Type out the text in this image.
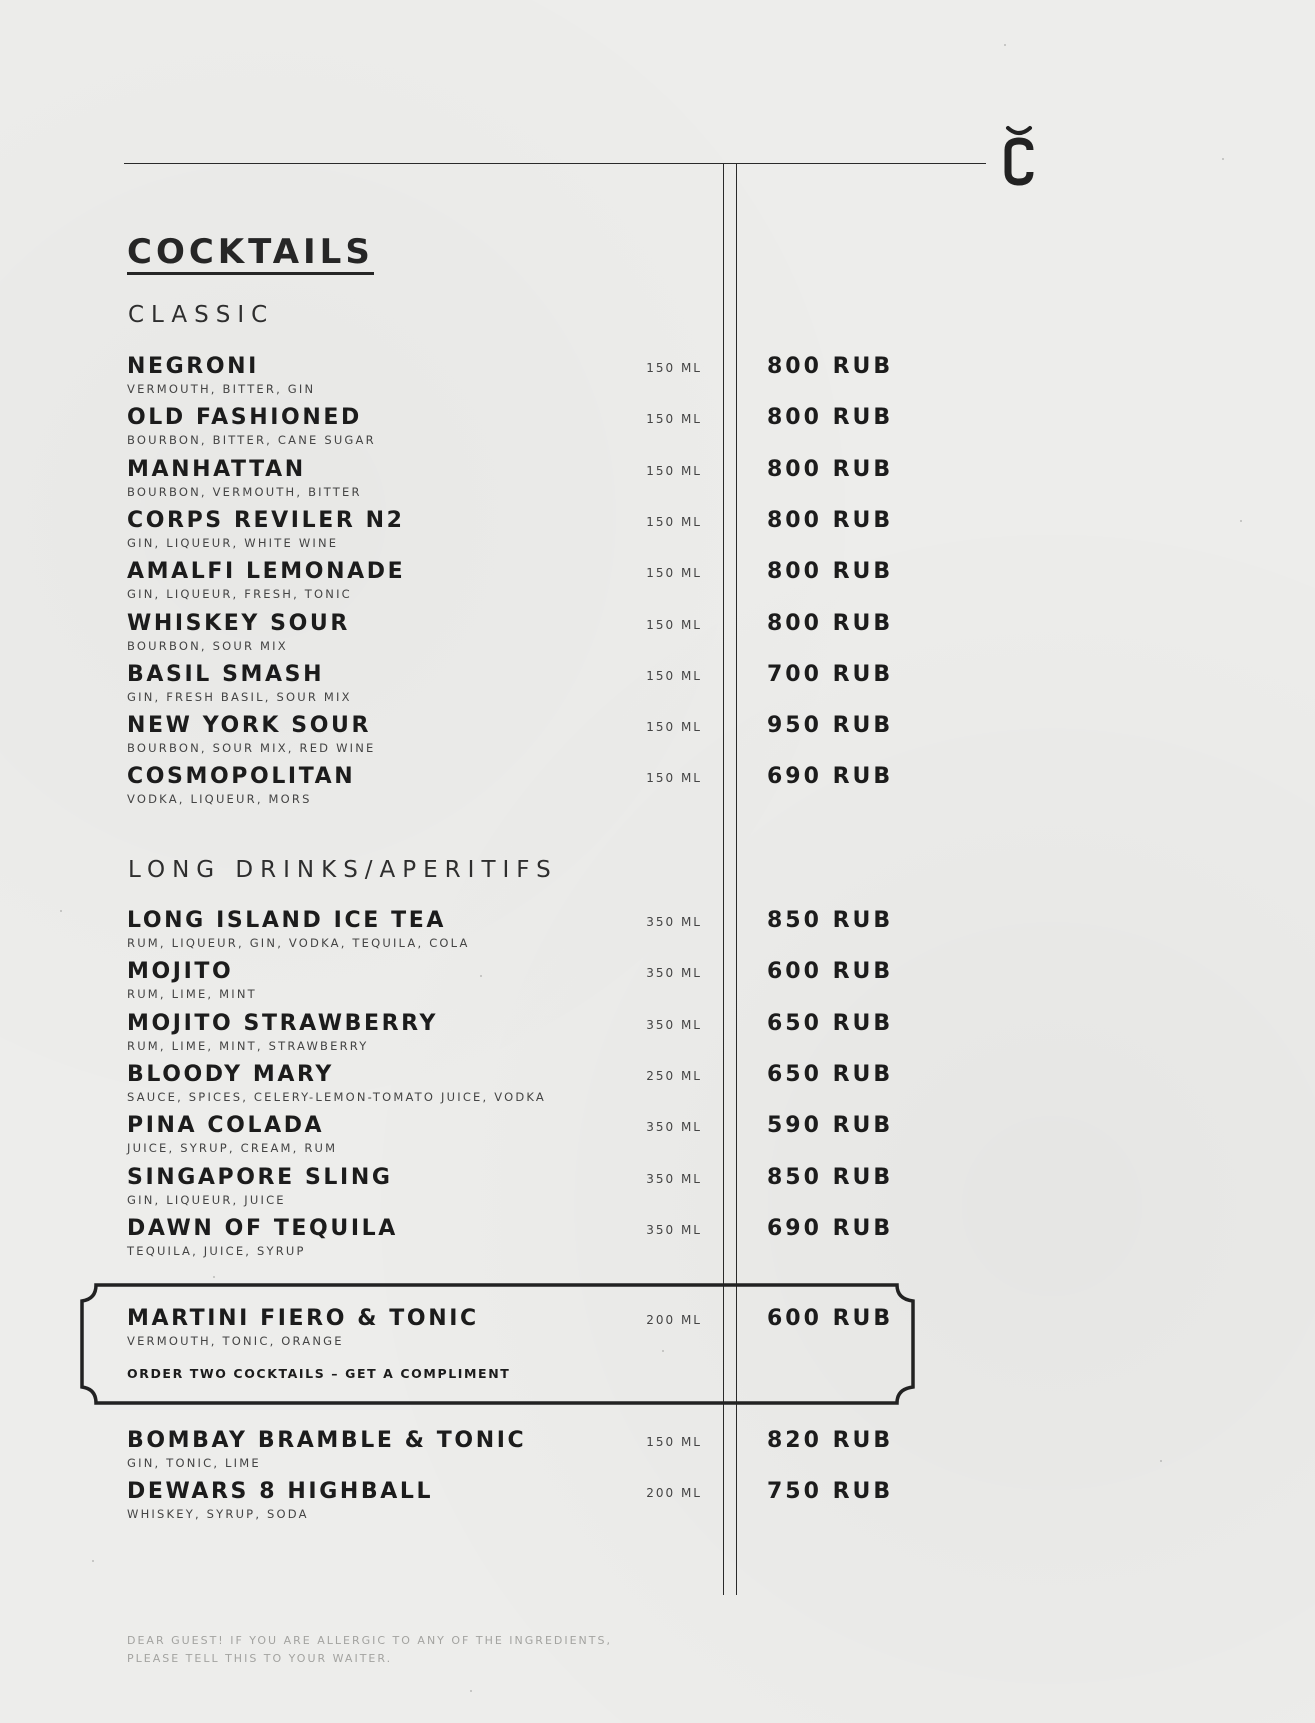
COCKTAILS
CLASSIC
NEGRONI
VERMOUTH, BITTER, GIN
150 ML	800 RUB
OLD FASHIONED
BOURBON, BITTER, CANE SUGAR
150 ML	800 RUB
MANHATTAN
BOURBON, VERMOUTH, BITTER
150 ML	800 RUB
CORPS REVILER N2
GIN, LIQUEUR, WHITE WINE
150 ML	800 RUB
AMALFI LEMONADE
GIN, LIQUEUR, FRESH, TONIC
150 ML	800 RUB
WHISKEY SOUR
BOURBON, SOUR MIX
150 ML	800 RUB
BASIL SMASH
GIN, FRESH BASIL, SOUR MIX
150 ML	700 RUB
NEW YORK SOUR
BOURBON, SOUR MIX, RED WINE
150 ML	950 RUB
COSMOPOLITAN
VODKA, LIQUEUR, MORS
150 ML	690 RUB
LONG DRINKS/APERITIFS
LONG ISLAND ICE TEA
RUM, LIQUEUR, GIN, VODKA, TEQUILA, COLA
350 ML	850 RUB
MOJITO
RUM, LIME, MINT
350 ML	600 RUB
MOJITO STRAWBERRY
RUM, LIME, MINT, STRAWBERRY
350 ML	650 RUB
BLOODY MARY
SAUCE, SPICES, CELERY-LEMON-TOMATO JUICE, VODKA
250 ML	650 RUB
PINA COLADA
JUICE, SYRUP, CREAM, RUM
350 ML	590 RUB
SINGAPORE SLING
GIN, LIQUEUR, JUICE
350 ML	850 RUB
DAWN OF TEQUILA
TEQUILA, JUICE, SYRUP
350 ML	690 RUB
MARTINI FIERO & TONIC
VERMOUTH, TONIC, ORANGE
200 ML	600 RUB
ORDER TWO COCKTAILS – GET A COMPLIMENT
BOMBAY BRAMBLE & TONIC
GIN, TONIC, LIME
150 ML	820 RUB
DEWARS 8 HIGHBALL
WHISKEY, SYRUP, SODA
200 ML	750 RUB
DEAR GUEST! IF YOU ARE ALLERGIC TO ANY OF THE INGREDIENTS,
PLEASE TELL THIS TO YOUR WAITER.
